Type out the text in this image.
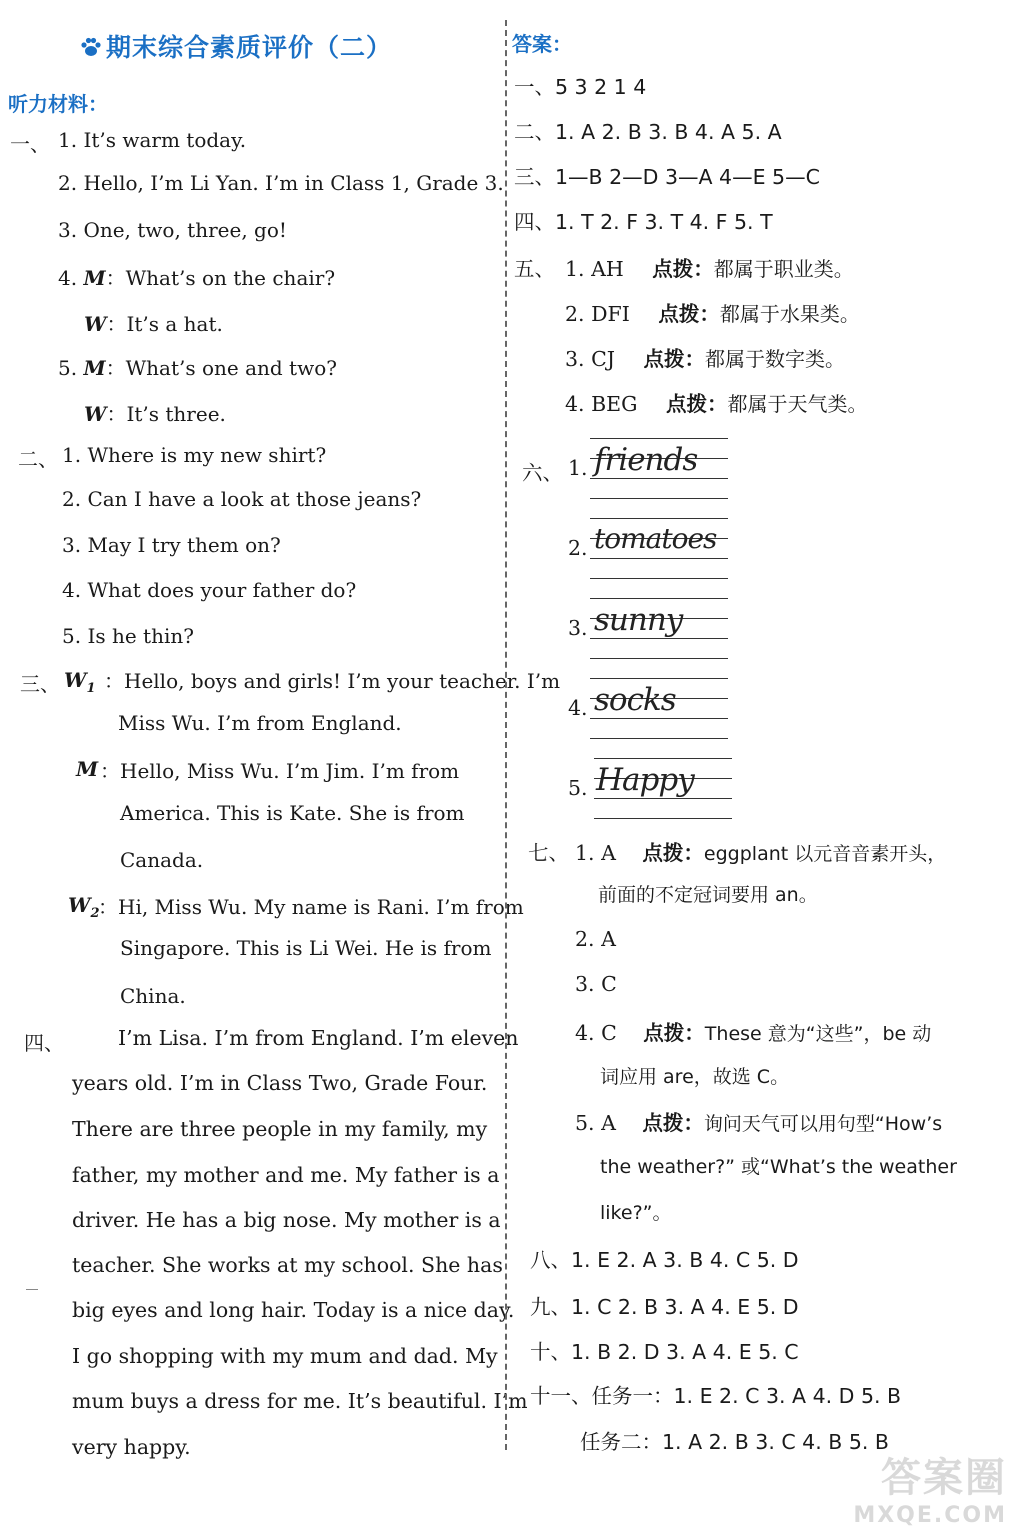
期末综合素质评价（二）
听力材料：
一、 1. It’s warm today.
2. Hello, I’m Li Yan. I’m in Class 1, Grade 3.
3. One, two, three, go!
4. M：What’s on the chair?
W：It’s a hat.
5. M：What’s one and two?
W：It’s three.
二、 1. Where is my new shirt?
2. Can I have a look at those jeans?
3. May I try them on?
4. What does your father do?
5. Is he thin?
三、 $W_1$ ：Hello, boys and girls! I’m your teacher. I’m
Miss Wu. I’m from England.
M ：Hello, Miss Wu. I’m Jim. I’m from
America. This is Kate. She is from
Canada.
$W_2$
：Hi, Miss Wu. My name is Rani. I’m from
Singapore. This is Li Wei. He is from
China.
四、	I’m Lisa. I’m from England. I’m eleven
years old. I’m in Class Two, Grade Four.
There are three people in my family, my
father, my mother and me. My father is a
driver. He has a big nose. My mother is a
teacher. She works at my school. She has
big eyes and long hair. Today is a nice day.
I go shopping with my mum and dad. My
mum buys a dress for me. It’s beautiful. I’m
very happy.
答案：
一、5 3 2 1 4
二、1. A 2. B 3. B 4. A 5. A
三、1—B 2—D 3—A 4—E 5—C
四、1. T 2. F 3. T 4. F 5. T
五、 1. AH 点拨：都属于职业类。
2. DFI 点拨：都属于水果类。
3. CJ 点拨：都属于数字类。
4. BEG 点拨：都属于天气类。
六、 1. friends
2. tomatoes
3. sunny
4. socks
5. Happy
七、 1. A 点拨：eggplant 以元音音素开头，
前面的不定冠词要用 an。
2. A
3. C
4. C 点拨：These 意为“这些”，be 动
词应用 are，故选 C。
5. A 点拨：询问天气可以用句型“How’s
the weather?” 或“What’s the weather
like?”。
八、1. E 2. A 3. B 4. C 5. D
九、1. C 2. B 3. A 4. E 5. D
十、1. B 2. D 3. A 4. E 5. C
十一、任务一：1. E 2. C 3. A 4. D 5. B
任务二：1. A 2. B 3. C 4. B 5. B
答案圈
MXQE.COM
